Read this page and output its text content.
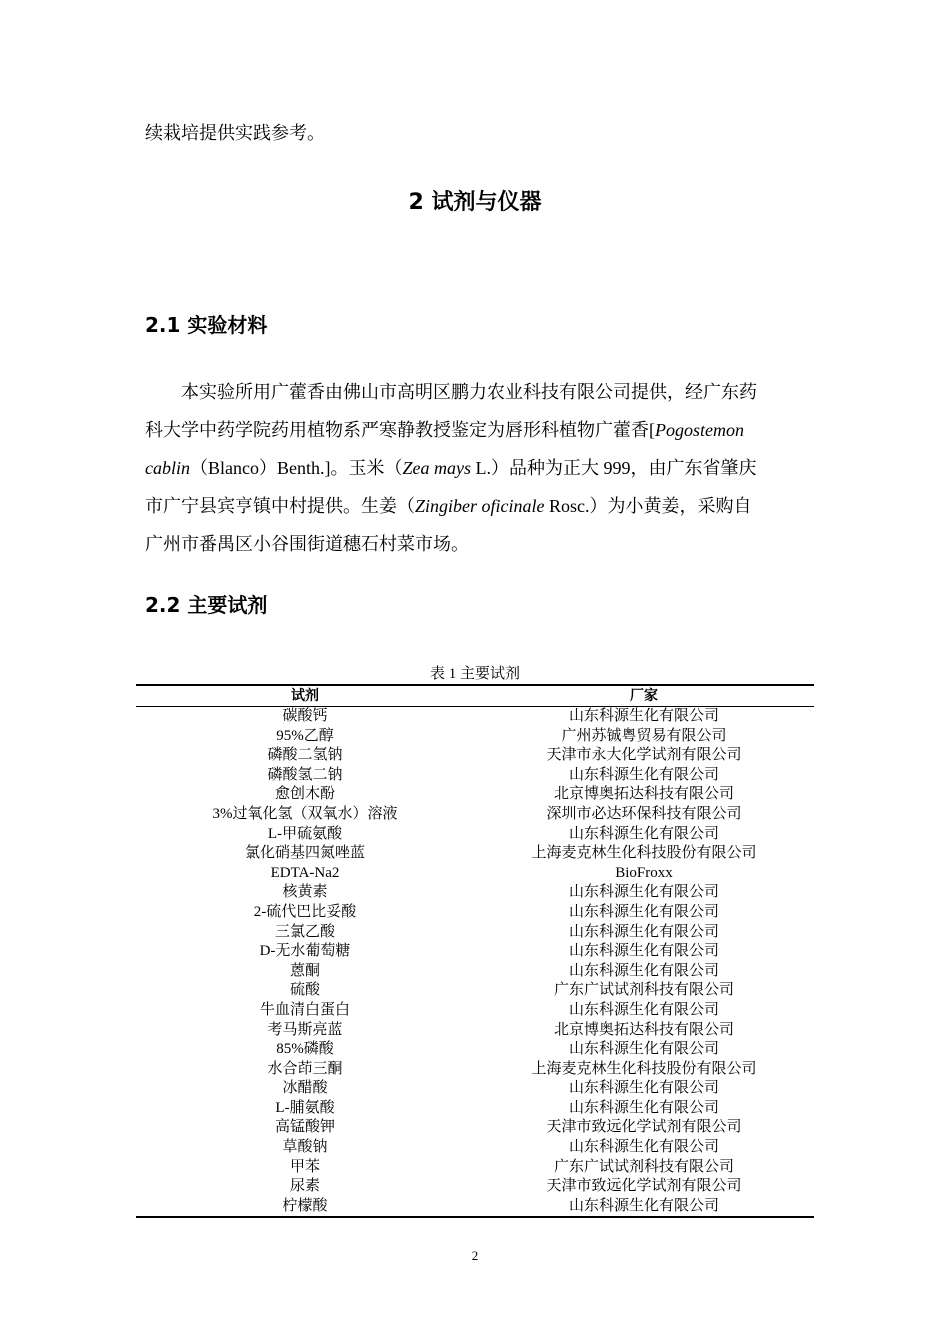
续栽培提供实践参考。
2 试剂与仪器
2.1 实验材料
本实验所用广藿香由佛山市高明区鹏力农业科技有限公司提供，经广东药
科大学中药学院药用植物系严寒静教授鉴定为唇形科植物广藿香[Pogostemon
cablin（Blanco）Benth.]。玉米（Zea mays L.）品种为正大 999，由广东省肇庆
市广宁县宾亨镇中村提供。生姜（Zingiber oficinale Rosc.）为小黄姜，采购自
广州市番禺区小谷围街道穗石村菜市场。
2.2 主要试剂
表 1 主要试剂
试剂	厂家
碳酸钙	山东科源生化有限公司
95%乙醇	广州苏铖粤贸易有限公司
磷酸二氢钠	天津市永大化学试剂有限公司
磷酸氢二钠	山东科源生化有限公司
愈创木酚	北京博奥拓达科技有限公司
3%过氧化氢（双氧水）溶液	深圳市必达环保科技有限公司
L-甲硫氨酸	山东科源生化有限公司
氯化硝基四氮唑蓝	上海麦克林生化科技股份有限公司
EDTA-Na2	BioFroxx
核黄素	山东科源生化有限公司
2-硫代巴比妥酸	山东科源生化有限公司
三氯乙酸	山东科源生化有限公司
D-无水葡萄糖	山东科源生化有限公司
蒽酮	山东科源生化有限公司
硫酸	广东广试试剂科技有限公司
牛血清白蛋白	山东科源生化有限公司
考马斯亮蓝	北京博奥拓达科技有限公司
85%磷酸	山东科源生化有限公司
水合茚三酮	上海麦克林生化科技股份有限公司
冰醋酸	山东科源生化有限公司
L-脯氨酸	山东科源生化有限公司
高锰酸钾	天津市致远化学试剂有限公司
草酸钠	山东科源生化有限公司
甲苯	广东广试试剂科技有限公司
尿素	天津市致远化学试剂有限公司
柠檬酸	山东科源生化有限公司
2
